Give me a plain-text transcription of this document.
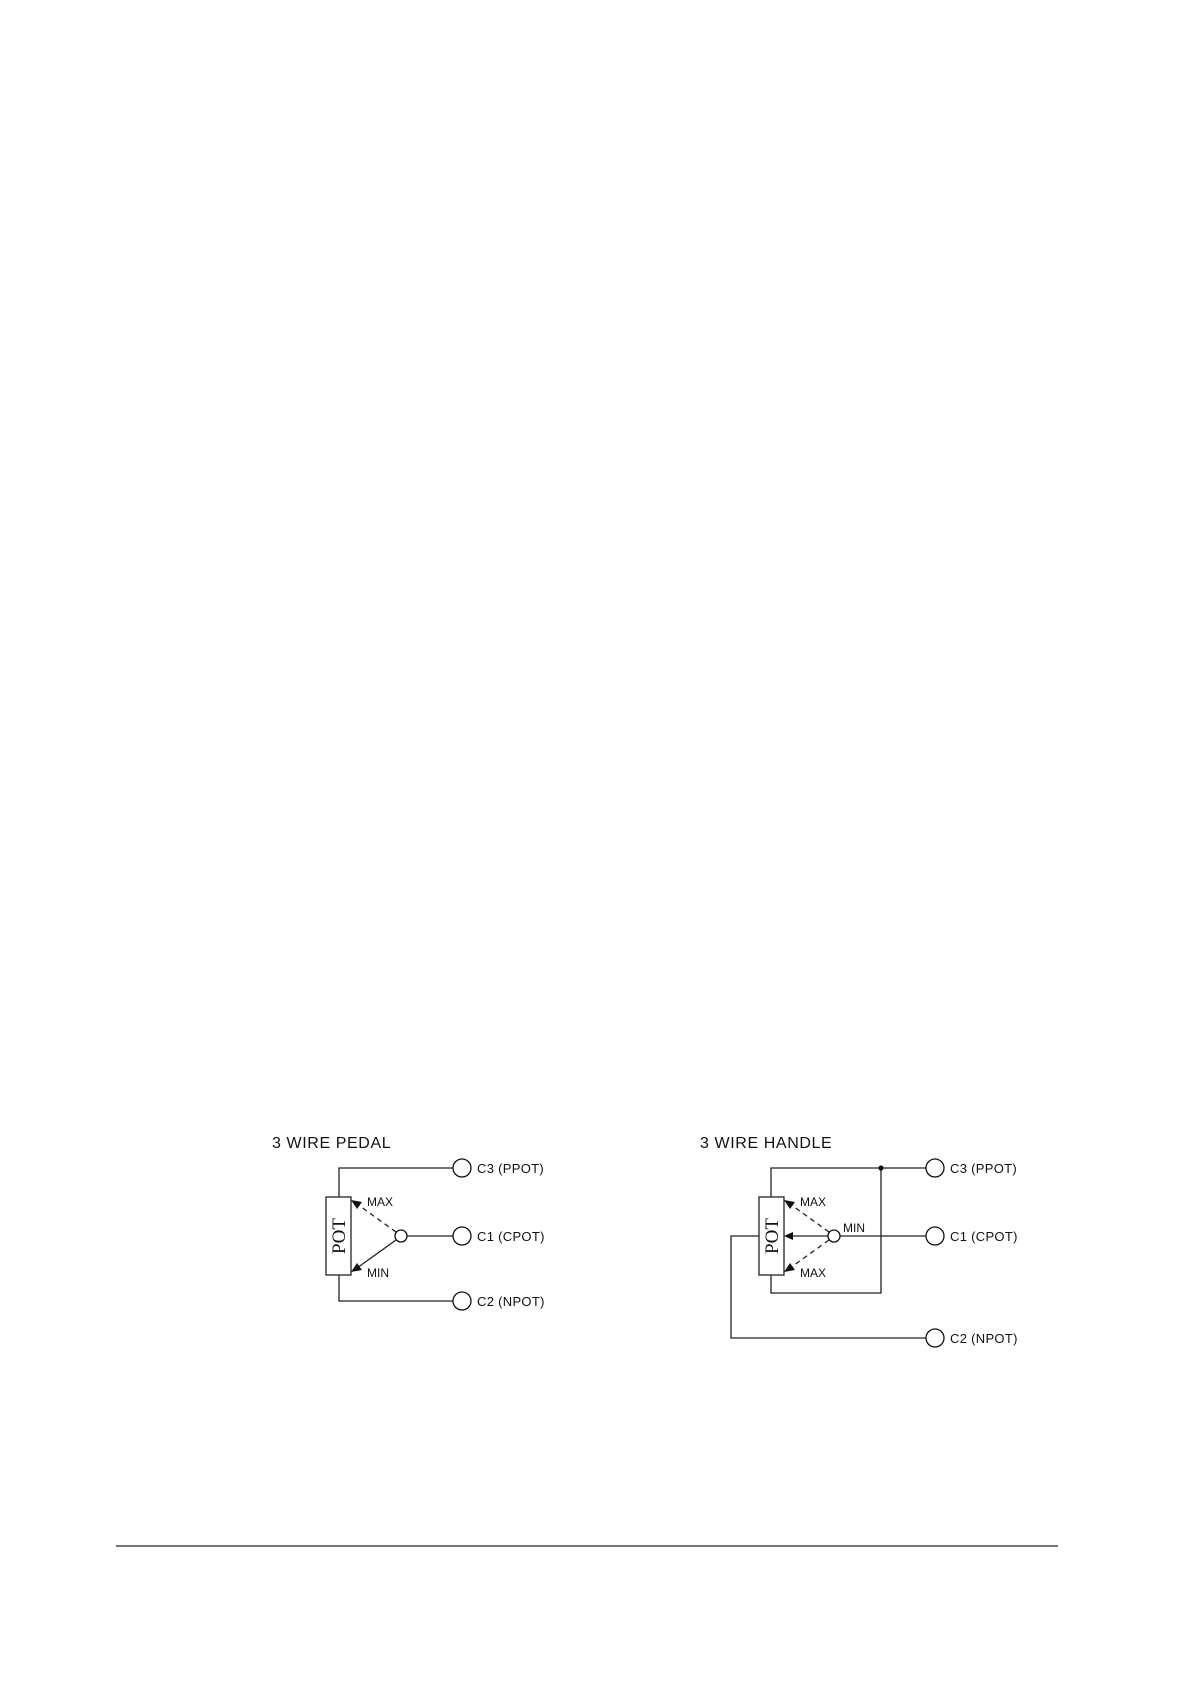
3 WIRE PEDAL
POT
MAX
MIN
C3 (PPOT)
C1 (CPOT)
C2 (NPOT)
3 WIRE HANDLE
POT
MAX
MIN
MAX
C3 (PPOT)
C1 (CPOT)
C2 (NPOT)
